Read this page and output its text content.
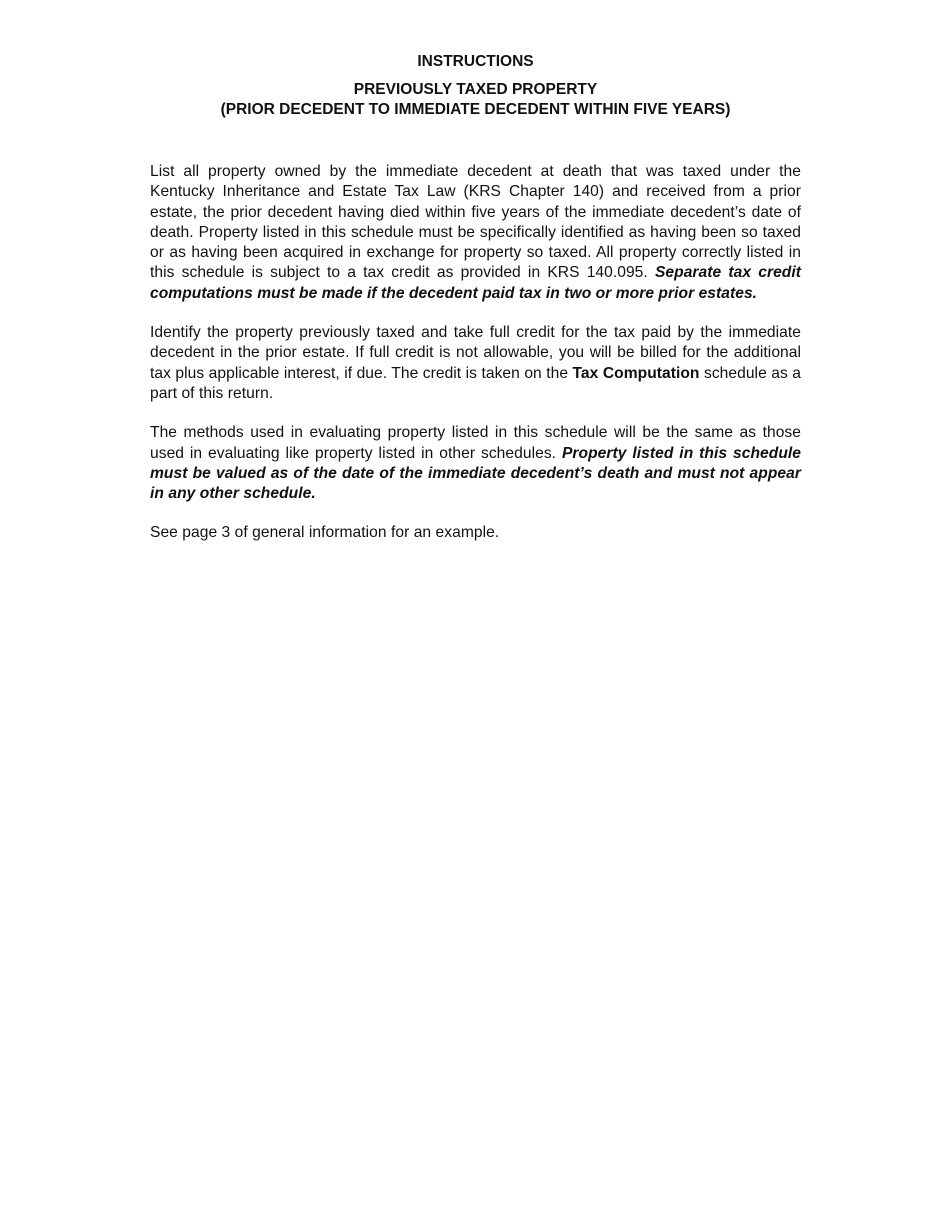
INSTRUCTIONS
PREVIOUSLY TAXED PROPERTY
(PRIOR DECEDENT TO IMMEDIATE DECEDENT WITHIN FIVE YEARS)

List all property owned by the immediate decedent at death that was taxed under the Kentucky Inheritance and Estate Tax Law (KRS Chapter 140) and received from a prior estate, the prior decedent having died within five years of the immediate decedent’s date of death. Property listed in this schedule must be specifically identified as having been so taxed or as having been acquired in exchange for property so taxed. All property correctly listed in this schedule is subject to a tax credit as provided in KRS 140.095. Separate tax credit computations must be made if the decedent paid tax in two or more prior estates.

Identify the property previously taxed and take full credit for the tax paid by the immediate decedent in the prior estate. If full credit is not allowable, you will be billed for the additional tax plus applicable interest, if due. The credit is taken on the Tax Computation schedule as a part of this return.

The methods used in evaluating property listed in this schedule will be the same as those used in evaluating like property listed in other schedules. Property listed in this schedule must be valued as of the date of the immediate decedent’s death and must not appear in any other schedule.

See page 3 of general information for an example.
